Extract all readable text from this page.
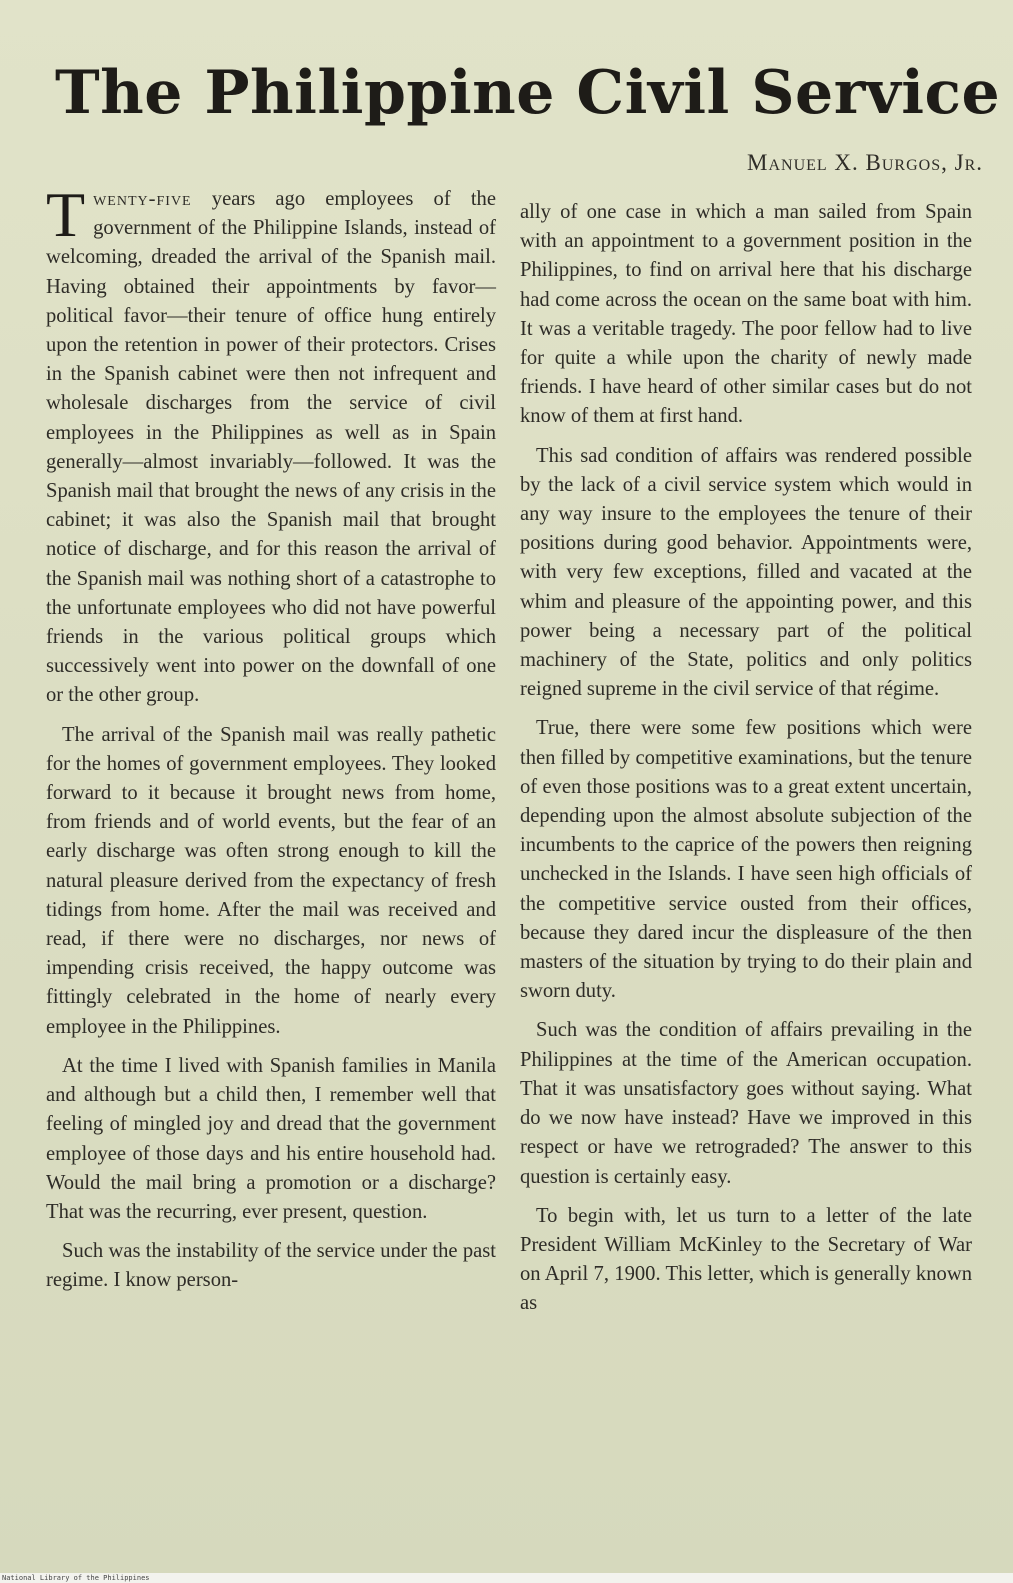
The Philippine Civil Service
Manuel X. Burgos, Jr.

Twenty-five years ago employees of the government of the Philippine Islands, instead of welcoming, dreaded the arrival of the Spanish mail. Having obtained their appointments by favor—political favor—their tenure of office hung entirely upon the retention in power of their protectors. Crises in the Spanish cabinet were then not infrequent and wholesale discharges from the service of civil employees in the Philippines as well as in Spain generally—almost invariably—followed. It was the Spanish mail that brought the news of any crisis in the cabinet; it was also the Spanish mail that brought notice of discharge, and for this reason the arrival of the Spanish mail was nothing short of a catastrophe to the unfortunate employees who did not have powerful friends in the various political groups which successively went into power on the downfall of one or the other group.

The arrival of the Spanish mail was really pathetic for the homes of government employees. They looked forward to it because it brought news from home, from friends and of world events, but the fear of an early discharge was often strong enough to kill the natural pleasure derived from the expectancy of fresh tidings from home. After the mail was received and read, if there were no discharges, nor news of impending crisis received, the happy outcome was fittingly celebrated in the home of nearly every employee in the Philippines.

At the time I lived with Spanish families in Manila and although but a child then, I remember well that feeling of mingled joy and dread that the government employee of those days and his entire household had. Would the mail bring a promotion or a discharge? That was the recurring, ever present, question.

Such was the instability of the service under the past regime. I know person-

ally of one case in which a man sailed from Spain with an appointment to a government position in the Philippines, to find on arrival here that his discharge had come across the ocean on the same boat with him. It was a veritable tragedy. The poor fellow had to live for quite a while upon the charity of newly made friends. I have heard of other similar cases but do not know of them at first hand.

This sad condition of affairs was rendered possible by the lack of a civil service system which would in any way insure to the employees the tenure of their positions during good behavior. Appointments were, with very few exceptions, filled and vacated at the whim and pleasure of the appointing power, and this power being a necessary part of the political machinery of the State, politics and only politics reigned supreme in the civil service of that régime.

True, there were some few positions which were then filled by competitive examinations, but the tenure of even those positions was to a great extent uncertain, depending upon the almost absolute subjection of the incumbents to the caprice of the powers then reigning unchecked in the Islands. I have seen high officials of the competitive service ousted from their offices, because they dared incur the displeasure of the then masters of the situation by trying to do their plain and sworn duty.

Such was the condition of affairs prevailing in the Philippines at the time of the American occupation. That it was unsatisfactory goes without saying. What do we now have instead? Have we improved in this respect or have we retrograded? The answer to this question is certainly easy.

To begin with, let us turn to a letter of the late President William McKinley to the Secretary of War on April 7, 1900. This letter, which is generally known as

National Library of the Philippines
